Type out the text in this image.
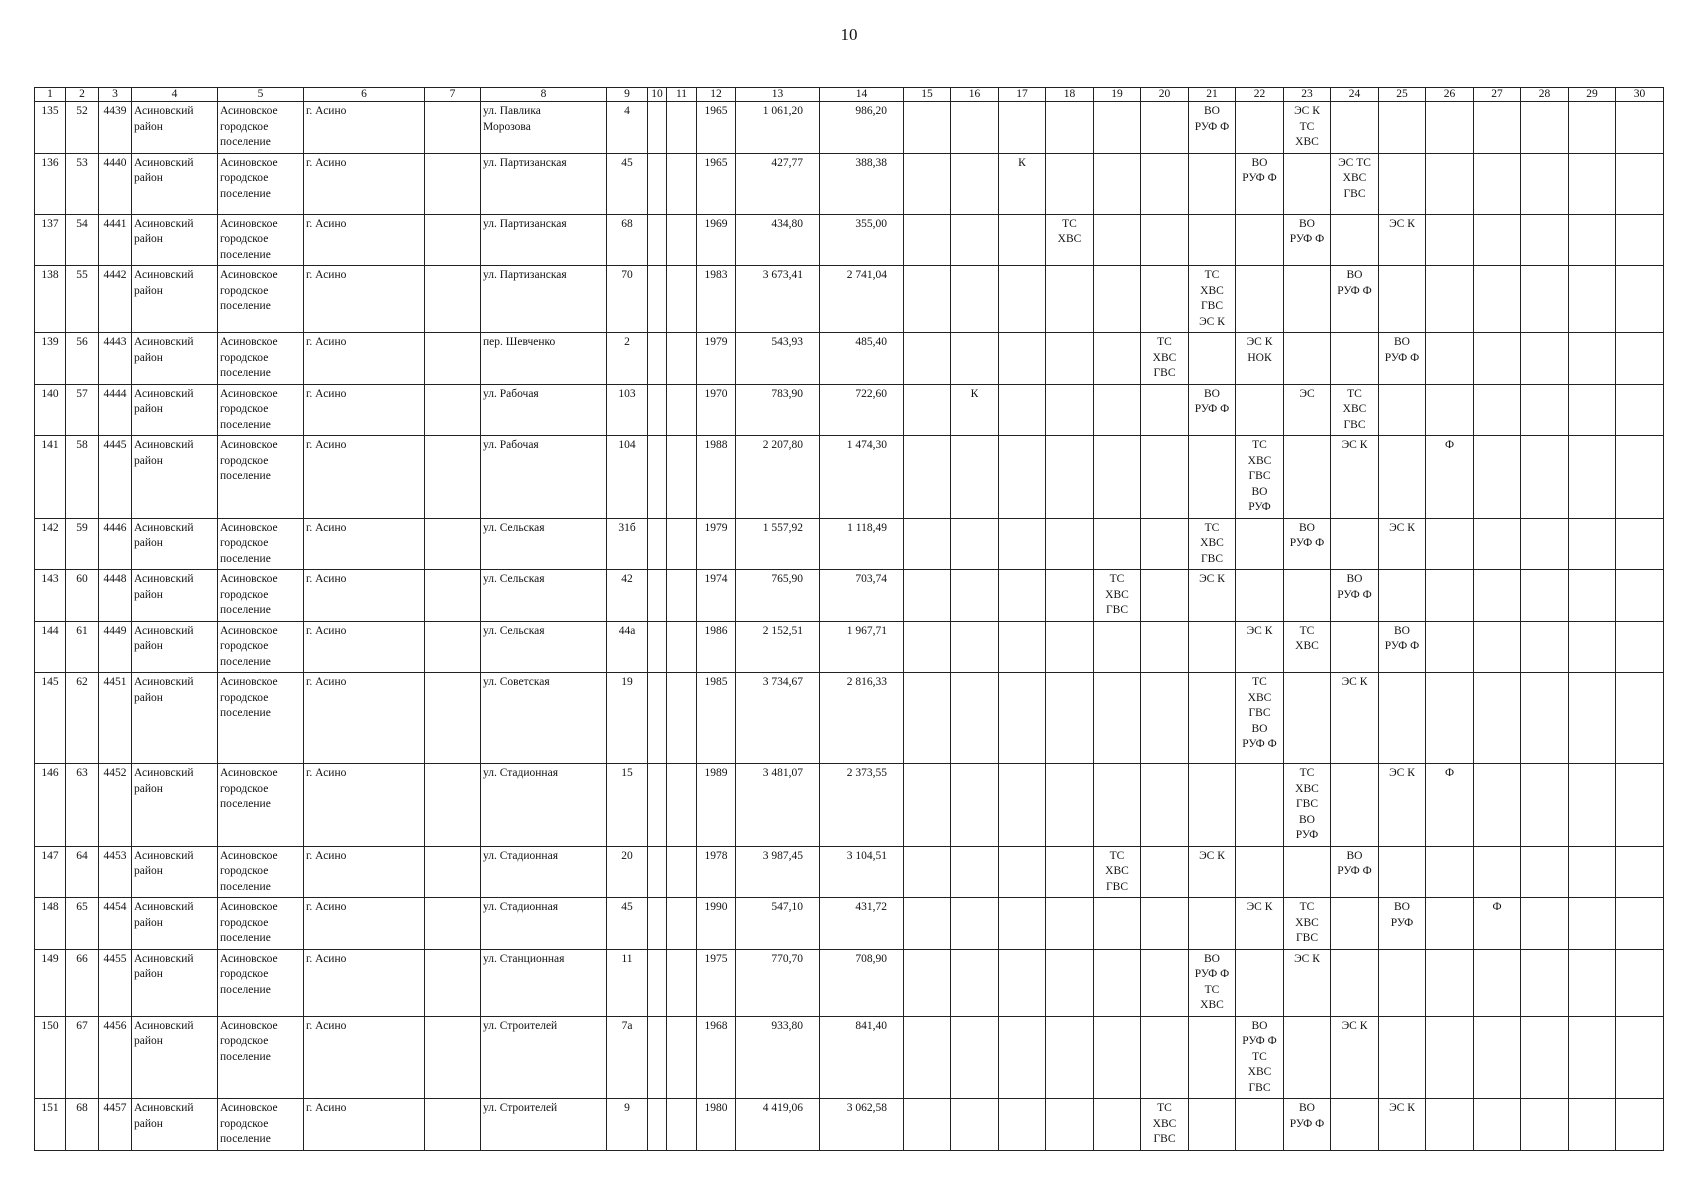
10
1	2	3	4	5	6	7	8	9	10	11	12	13	14	15	16	17	18	19	20	21	22	23	24	25	26	27	28	29	30

135	52	4439	Асиновский
район	Асиновское
городское
поселение	г. Асино		ул. Павлика
Морозова	4			1965	1 061,20	986,20							ВО
РУФ Ф		ЭС К
ТС
ХВС							

136	53	4440	Асиновский
район	Асиновское
городское
поселение	г. Асино		ул. Партизанская	45			1965	427,77	388,38			К					ВО
РУФ Ф		ЭС ТС
ХВС
ГВС						

137	54	4441	Асиновский
район	Асиновское
городское
поселение	г. Асино		ул. Партизанская	68			1969	434,80	355,00				ТС
ХВС					ВО
РУФ Ф		ЭС К					

138	55	4442	Асиновский
район	Асиновское
городское
поселение	г. Асино		ул. Партизанская	70			1983	3 673,41	2 741,04							ТС
ХВС
ГВС
ЭС К			ВО
РУФ Ф						

139	56	4443	Асиновский
район	Асиновское
городское
поселение	г. Асино		пер. Шевченко	2			1979	543,93	485,40						ТС
ХВС
ГВС		ЭС К
НОК			ВО
РУФ Ф					

140	57	4444	Асиновский
район	Асиновское
городское
поселение	г. Асино		ул. Рабочая	103			1970	783,90	722,60		К					ВО
РУФ Ф		ЭС	ТС
ХВС
ГВС						

141	58	4445	Асиновский
район	Асиновское
городское
поселение	г. Асино		ул. Рабочая	104			1988	2 207,80	1 474,30								ТС
ХВС
ГВС
ВО
РУФ		ЭС К		Ф				

142	59	4446	Асиновский
район	Асиновское
городское
поселение	г. Асино		ул. Сельская	31б			1979	1 557,92	1 118,49							ТС
ХВС
ГВС		ВО
РУФ Ф		ЭС К					

143	60	4448	Асиновский
район	Асиновское
городское
поселение	г. Асино		ул. Сельская	42			1974	765,90	703,74					ТС
ХВС
ГВС		ЭС К			ВО
РУФ Ф						

144	61	4449	Асиновский
район	Асиновское
городское
поселение	г. Асино		ул. Сельская	44а			1986	2 152,51	1 967,71								ЭС К	ТС
ХВС		ВО
РУФ Ф					

145	62	4451	Асиновский
район	Асиновское
городское
поселение	г. Асино		ул. Советская	19			1985	3 734,67	2 816,33								ТС
ХВС
ГВС
ВО
РУФ Ф		ЭС К						

146	63	4452	Асиновский
район	Асиновское
городское
поселение	г. Асино		ул. Стадионная	15			1989	3 481,07	2 373,55									ТС
ХВС
ГВС
ВО
РУФ		ЭС К	Ф				

147	64	4453	Асиновский
район	Асиновское
городское
поселение	г. Асино		ул. Стадионная	20			1978	3 987,45	3 104,51					ТС
ХВС
ГВС		ЭС К			ВО
РУФ Ф						

148	65	4454	Асиновский
район	Асиновское
городское
поселение	г. Асино		ул. Стадионная	45			1990	547,10	431,72								ЭС К	ТС
ХВС
ГВС		ВО
РУФ		Ф			

149	66	4455	Асиновский
район	Асиновское
городское
поселение	г. Асино		ул. Станционная	11			1975	770,70	708,90							ВО
РУФ Ф
ТС
ХВС		ЭС К							

150	67	4456	Асиновский
район	Асиновское
городское
поселение	г. Асино		ул. Строителей	7а			1968	933,80	841,40								ВО
РУФ Ф
ТС
ХВС
ГВС		ЭС К						

151	68	4457	Асиновский
район	Асиновское
городское
поселение	г. Асино		ул. Строителей	9			1980	4 419,06	3 062,58						ТС
ХВС
ГВС			ВО
РУФ Ф		ЭС К					
